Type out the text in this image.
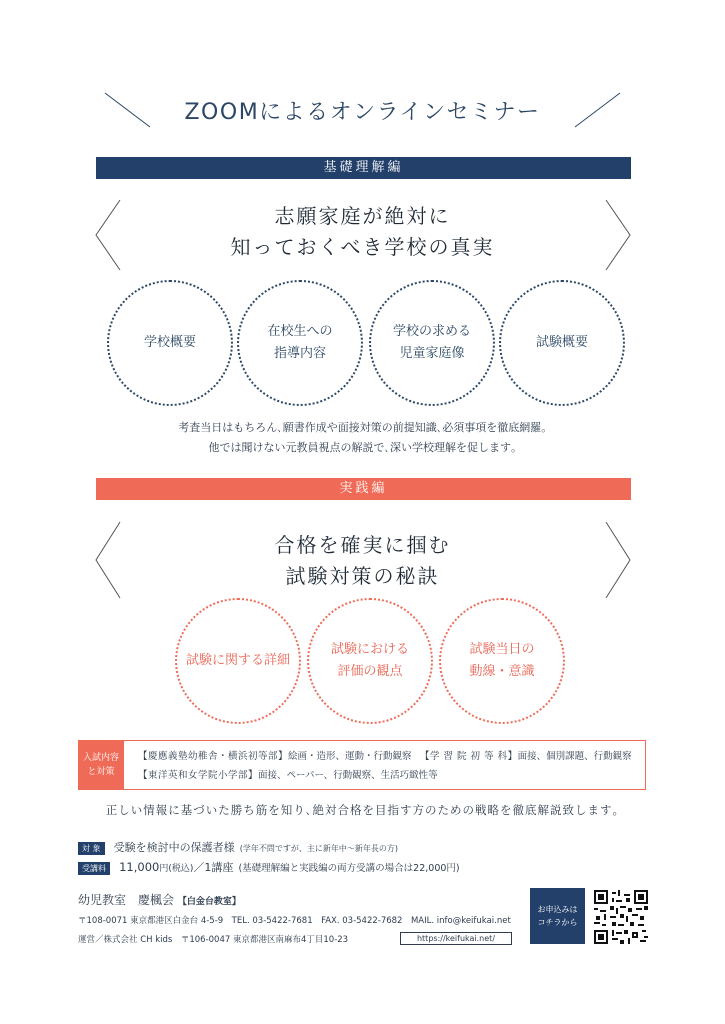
ZOOMによるオンラインセミナー
基礎理解編
志願家庭が絶対に
知っておくべき学校の真実
学校概要
在校生への
指導内容
学校の求める
児童家庭像
試験概要
考査当日はもちろん､願書作成や面接対策の前提知識､必須事項を徹底網羅｡
他では聞けない元教員視点の解説で､深い学校理解を促します｡
実践編
合格を確実に掴む
試験対策の秘訣
試験に関する詳細
試験における
評価の観点
試験当日の
動線・意識
入試内容
と対策
【慶應義塾幼稚舎・横浜初等部】絵画・造形、運動・行動観察 【学 習 院 初 等 科】面接、個別課題、行動観察
【東洋英和女学院小学部】面接、ペーパー、行動観察、生活巧緻性等
正しい情報に基づいた勝ち筋を知り､絶対合格を目指す方のための戦略を徹底解説致します｡
対 象 受験を検討中の保護者様 (学年不問ですが、主に新年中〜新年長の方)
受講料 11,000円(税込)／1講座 (基礎理解編と実践編の両方受講の場合は22,000円)
幼児教室　慶楓会 【白金台教室】
〒108-0071 東京都港区白金台 4-5-9　TEL. 03-5422-7681　FAX. 03-5422-7682　MAIL. info@keifukai.net
運営／株式会社 CH kids　〒106-0047 東京都港区南麻布4丁目10-23	https://keifukai.net/
お申込みは
コチラから
